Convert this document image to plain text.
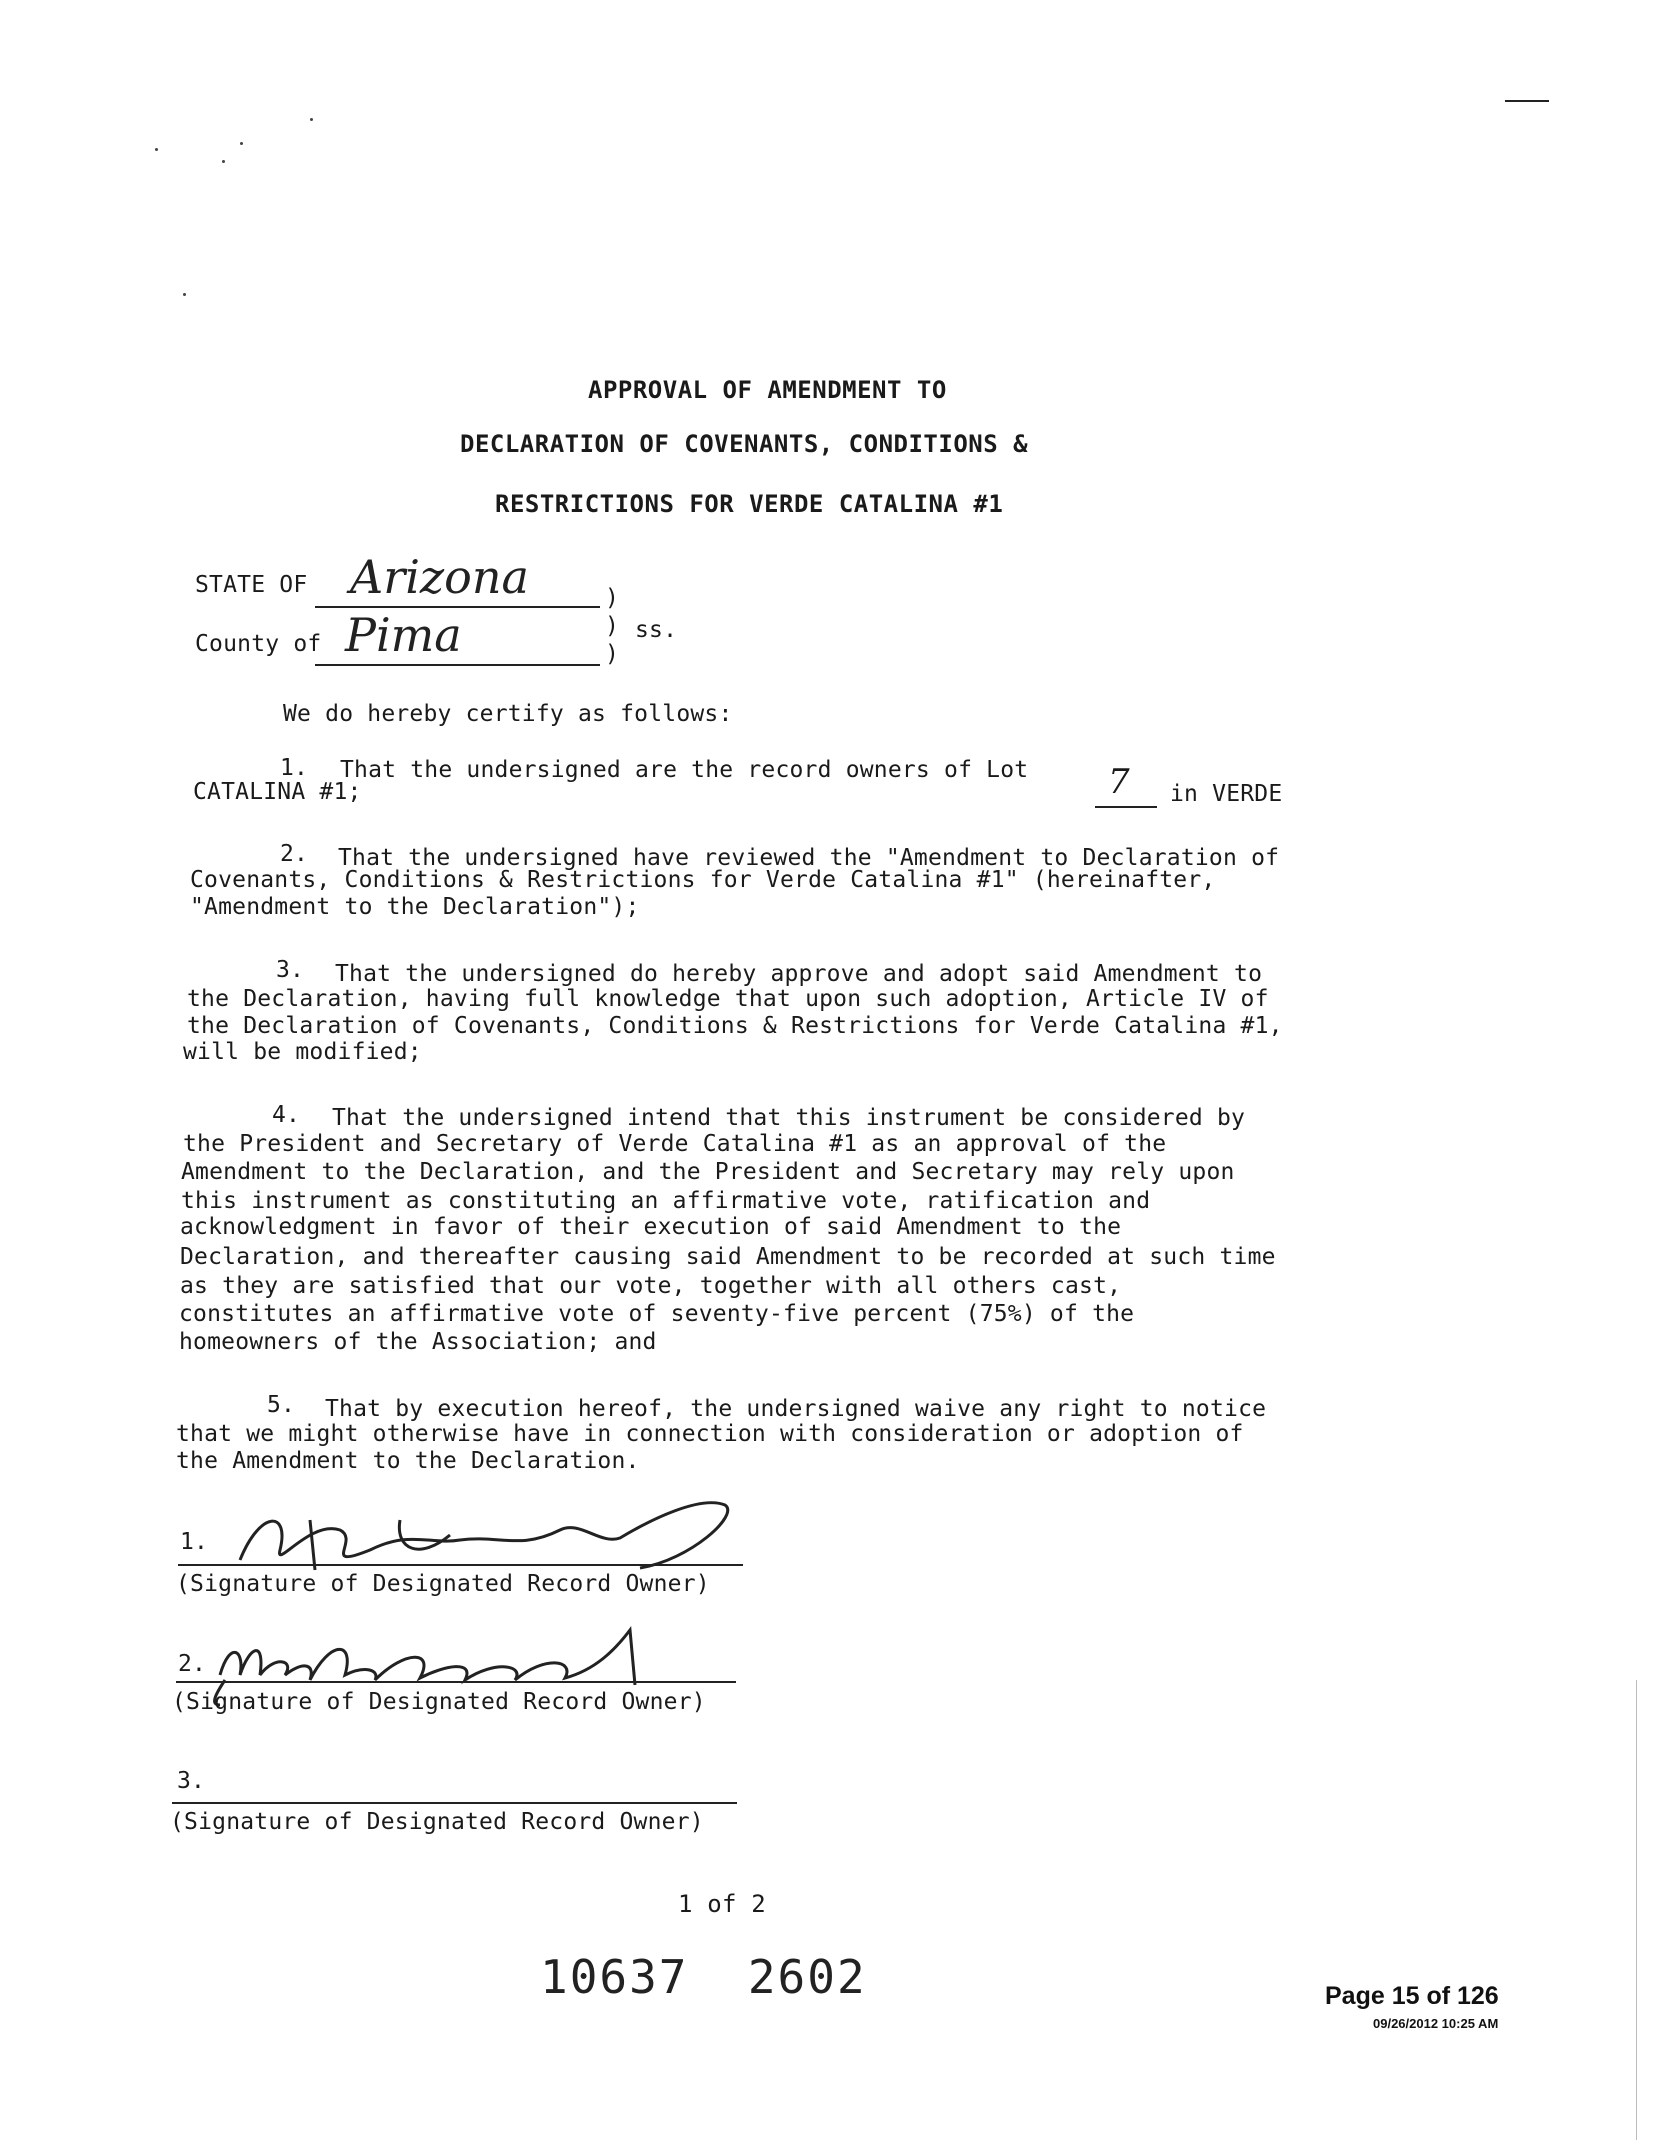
APPROVAL OF AMENDMENT TO
DECLARATION OF COVENANTS, CONDITIONS &
RESTRICTIONS FOR VERDE CATALINA #1
STATE OF Arizona	)
County of Pima	)
)
ss.
We do hereby certify as follows:
1. That the undersigned are the record owners of Lot 7 in VERDE
CATALINA #1;
2. That the undersigned have reviewed the "Amendment to Declaration of
Covenants, Conditions & Restrictions for Verde Catalina #1" (hereinafter,
"Amendment to the Declaration");
3. That the undersigned do hereby approve and adopt said Amendment to
the Declaration, having full knowledge that upon such adoption, Article IV of
the Declaration of Covenants, Conditions & Restrictions for Verde Catalina #1,
will be modified;
4. That the undersigned intend that this instrument be considered by
the President and Secretary of Verde Catalina #1 as an approval of the
Amendment to the Declaration, and the President and Secretary may rely upon
this instrument as constituting an affirmative vote, ratification and
acknowledgment in favor of their execution of said Amendment to the
Declaration, and thereafter causing said Amendment to be recorded at such time
as they are satisfied that our vote, together with all others cast,
constitutes an affirmative vote of seventy-five percent (75%) of the
homeowners of the Association; and
5. That by execution hereof, the undersigned waive any right to notice
that we might otherwise have in connection with consideration or adoption of
the Amendment to the Declaration.
1.
(Signature of Designated Record Owner)
2.
(Signature of Designated Record Owner)
3.
(Signature of Designated Record Owner)
1 of 2
10637  2602	Page 15 of 126
09/26/2012 10:25 AM
